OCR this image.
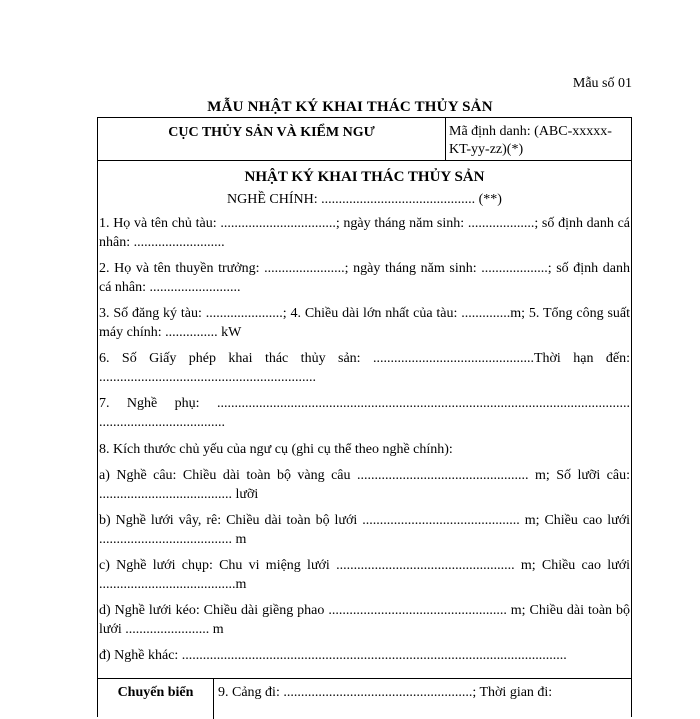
Mẫu số 01
MẪU NHẬT KÝ KHAI THÁC THỦY SẢN
CỤC THỦY SẢN VÀ KIỂM NGƯ	Mã định danh: (ABC-xxxxx-KT-yy-zz)(*)
NHẬT KÝ KHAI THÁC THỦY SẢN
NGHỀ CHÍNH: ............................................ (**)
1. Họ và tên chủ tàu: .................................; ngày tháng năm sinh: ...................; số định danh cá nhân: ..........................
2. Họ và tên thuyền trưởng: .......................; ngày tháng năm sinh: ...................; số định danh cá nhân: ..........................
3. Số đăng ký tàu: ......................; 4. Chiều dài lớn nhất của tàu: ..............m; 5. Tổng công suất máy chính: ............... kW
6. Số Giấy phép khai thác thủy sản: ..............................................Thời hạn đến: ..............................................................
7. Nghề phụ: ...................................................................................................................... ....................................
8. Kích thước chủ yếu của ngư cụ (ghi cụ thể theo nghề chính):
a) Nghề câu: Chiều dài toàn bộ vàng câu ................................................. m; Số lưỡi câu: ...................................... lưỡi
b) Nghề lưới vây, rê: Chiều dài toàn bộ lưới ............................................. m; Chiều cao lưới ...................................... m
c) Nghề lưới chụp: Chu vi miệng lưới ................................................... m; Chiều cao lưới .......................................m
d) Nghề lưới kéo: Chiều dài giềng phao ................................................... m; Chiều dài toàn bộ lưới ........................ m
đ) Nghề khác: ..............................................................................................................
Chuyến biển	9. Cảng đi: ......................................................; Thời gian đi:
